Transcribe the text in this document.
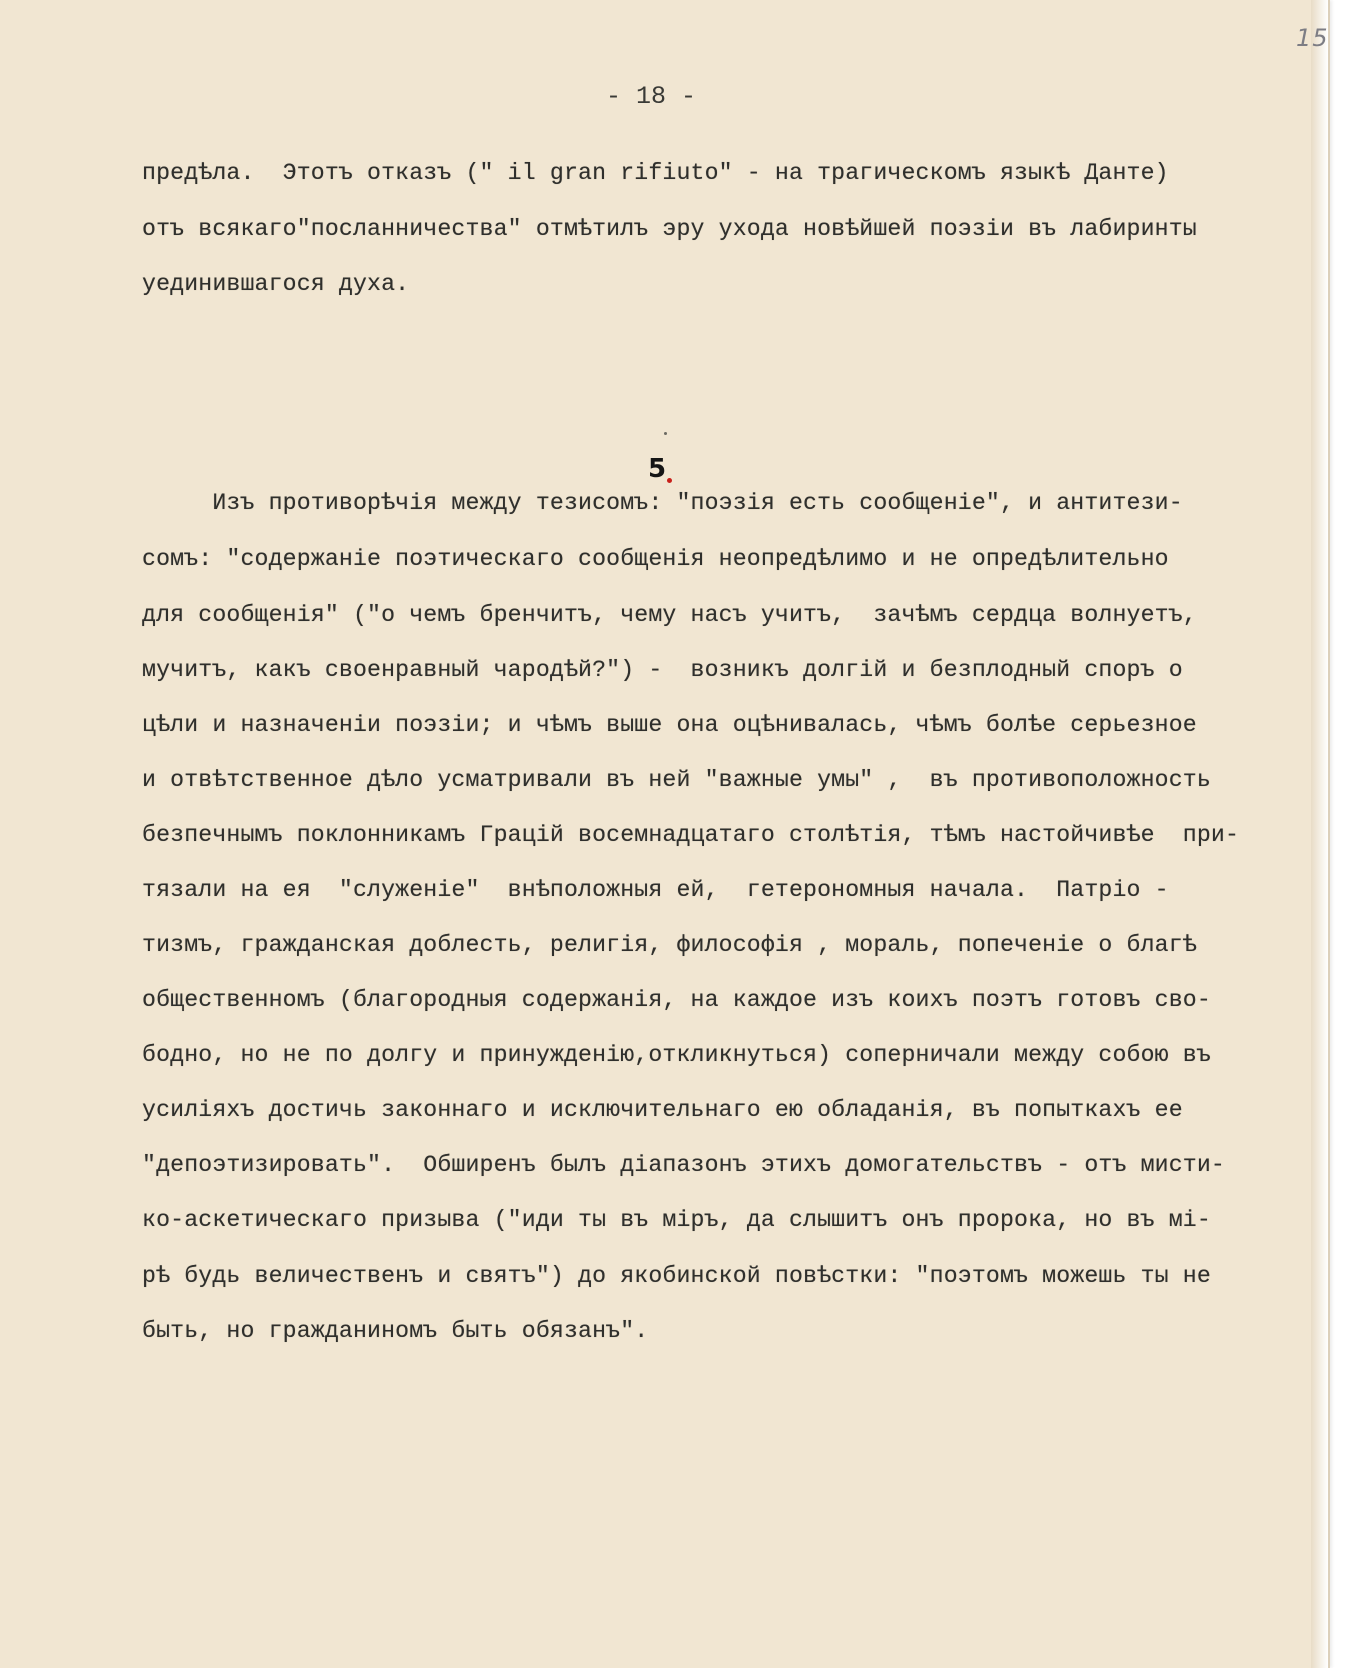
15
- 18 -
предѣла.  Этотъ отказъ (" il gran rifiuto" - на трагическомъ языкѣ Данте)
отъ всякаго"посланничества" отмѣтилъ эру ухода новѣйшей поэзіи въ лабиринты
уединившагося духа.
5
Изъ противорѣчія между тезисомъ: "поэзія есть сообщеніе", и антитези-
сомъ: "содержаніе поэтическаго сообщенія неопредѣлимо и не опредѣлительно
для сообщенія" ("о чемъ бренчитъ, чему насъ учитъ,  зачѣмъ сердца волнуетъ,
мучитъ, какъ своенравный чародѣй?") -  возникъ долгій и безплодный споръ о
цѣли и назначеніи поэзіи; и чѣмъ выше она оцѣнивалась, чѣмъ болѣе серьезное
и отвѣтственное дѣло усматривали въ ней "важные умы" ,  въ противоположность
безпечнымъ поклонникамъ Грацій восемнадцатаго столѣтія, тѣмъ настойчивѣе  при-
тязали на ея  "служеніе"  внѣположныя ей,  гетерономныя начала.  Патріо -
тизмъ, гражданская доблесть, религія, философія , мораль, попеченіе о благѣ
общественномъ (благородныя содержанія, на каждое изъ коихъ поэтъ готовъ сво-
бодно, но не по долгу и принужденію,откликнуться) соперничали между собою въ
усиліяхъ достичь законнаго и исключительнаго ею обладанія, въ попыткахъ ее
"депоэтизировать".  Обширенъ былъ діапазонъ этихъ домогательствъ - отъ мисти-
ко-аскетическаго призыва ("иди ты въ міръ, да слышитъ онъ пророка, но въ мі-
рѣ будь величественъ и святъ") до якобинской повѣстки: "поэтомъ можешь ты не
быть, но гражданиномъ быть обязанъ".
